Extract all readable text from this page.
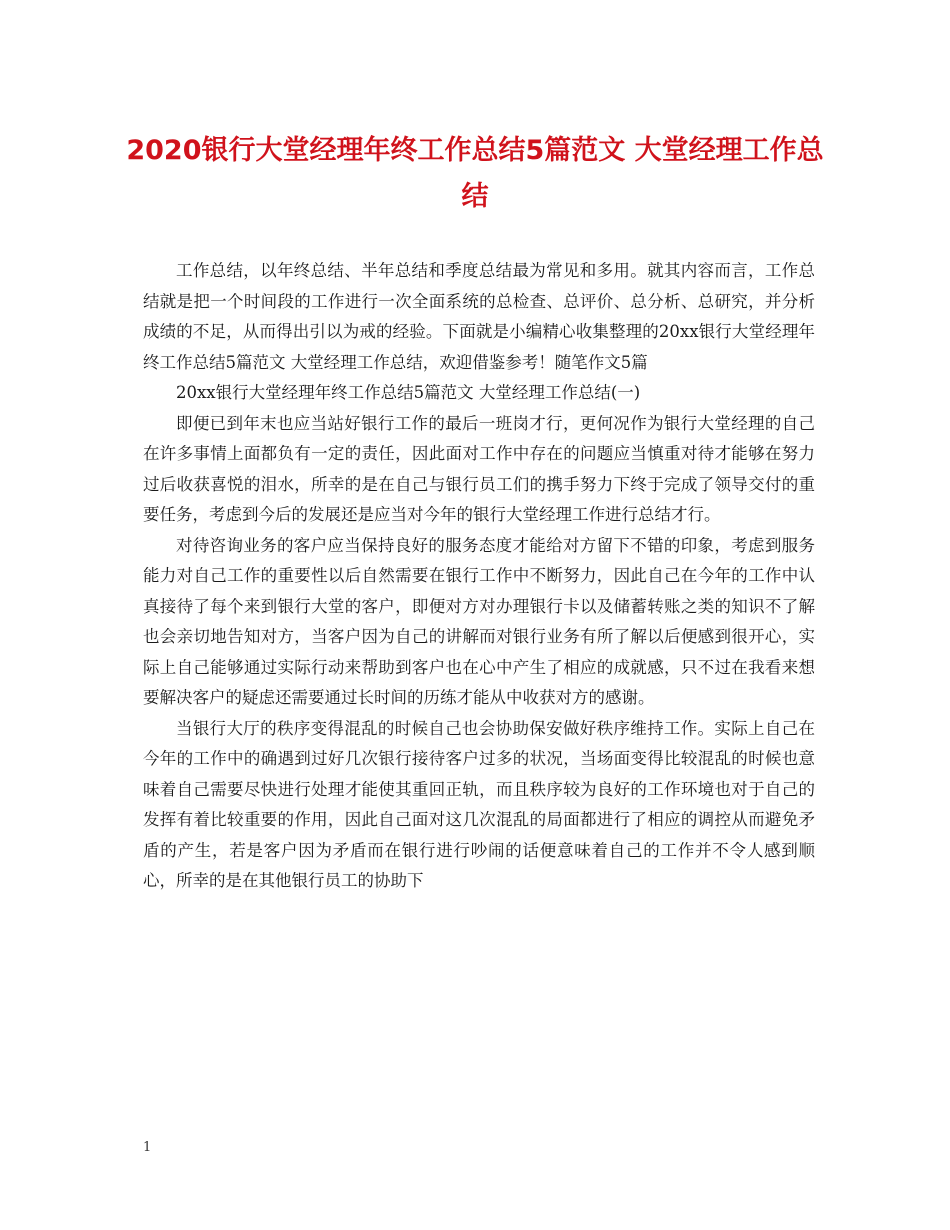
2020银行大堂经理年终工作总结5篇范文 大堂经理工作总结

工作总结，以年终总结、半年总结和季度总结最为常见和多用。就其内容而言，工作总结就是把一个时间段的工作进行一次全面系统的总检查、总评价、总分析、总研究，并分析成绩的不足，从而得出引以为戒的经验。下面就是小编精心收集整理的20xx银行大堂经理年终工作总结5篇范文 大堂经理工作总结，欢迎借鉴参考！随笔作文5篇

20xx银行大堂经理年终工作总结5篇范文 大堂经理工作总结(一)

即便已到年末也应当站好银行工作的最后一班岗才行，更何况作为银行大堂经理的自己在许多事情上面都负有一定的责任，因此面对工作中存在的问题应当慎重对待才能够在努力过后收获喜悦的泪水，所幸的是在自己与银行员工们的携手努力下终于完成了领导交付的重要任务，考虑到今后的发展还是应当对今年的银行大堂经理工作进行总结才行。

对待咨询业务的客户应当保持良好的服务态度才能给对方留下不错的印象，考虑到服务能力对自己工作的重要性以后自然需要在银行工作中不断努力，因此自己在今年的工作中认真接待了每个来到银行大堂的客户，即便对方对办理银行卡以及储蓄转账之类的知识不了解也会亲切地告知对方，当客户因为自己的讲解而对银行业务有所了解以后便感到很开心，实际上自己能够通过实际行动来帮助到客户也在心中产生了相应的成就感，只不过在我看来想要解决客户的疑虑还需要通过长时间的历练才能从中收获对方的感谢。

当银行大厅的秩序变得混乱的时候自己也会协助保安做好秩序维持工作。实际上自己在今年的工作中的确遇到过好几次银行接待客户过多的状况，当场面变得比较混乱的时候也意味着自己需要尽快进行处理才能使其重回正轨，而且秩序较为良好的工作环境也对于自己的发挥有着比较重要的作用，因此自己面对这几次混乱的局面都进行了相应的调控从而避免矛盾的产生，若是客户因为矛盾而在银行进行吵闹的话便意味着自己的工作并不令人感到顺心，所幸的是在其他银行员工的协助下

1
